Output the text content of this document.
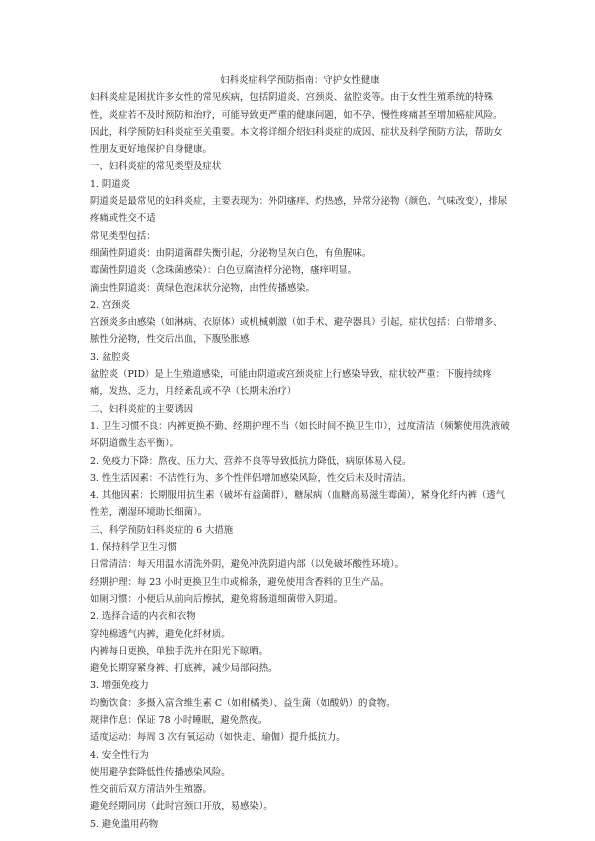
妇科炎症科学预防指南：守护女性健康

妇科炎症是困扰许多女性的常见疾病，包括阴道炎、宫颈炎、盆腔炎等。由于女性生殖系统的特殊性，炎症若不及时预防和治疗，可能导致更严重的健康问题，如不孕、慢性疼痛甚至增加癌症风险。因此，科学预防妇科炎症至关重要。本文将详细介绍妇科炎症的成因、症状及科学预防方法，帮助女性朋友更好地保护自身健康。

一、妇科炎症的常见类型及症状

1. 阴道炎

阴道炎是最常见的妇科炎症，主要表现为：外阴瘙痒、灼热感，异常分泌物（颜色、气味改变），排尿疼痛或性交不适

常见类型包括：

细菌性阴道炎：由阴道菌群失衡引起，分泌物呈灰白色，有鱼腥味。

霉菌性阴道炎（念珠菌感染）：白色豆腐渣样分泌物，瘙痒明显。

滴虫性阴道炎：黄绿色泡沫状分泌物，由性传播感染。

2. 宫颈炎

宫颈炎多由感染（如淋病、衣原体）或机械刺激（如手术、避孕器具）引起，症状包括：白带增多、脓性分泌物，性交后出血，下腹坠胀感

3. 盆腔炎

盆腔炎（PID）是上生殖道感染，可能由阴道或宫颈炎症上行感染导致，症状较严重：下腹持续疼痛，发热、乏力，月经紊乱或不孕（长期未治疗）

二、妇科炎症的主要诱因

1. 卫生习惯不良：内裤更换不勤、经期护理不当（如长时间不换卫生巾），过度清洁（频繁使用洗液破坏阴道微生态平衡）。

2. 免疫力下降：熬夜、压力大、营养不良等导致抵抗力降低，病原体易入侵。

3. 性生活因素：不洁性行为、多个性伴侣增加感染风险，性交后未及时清洁。

4. 其他因素：长期服用抗生素（破坏有益菌群），糖尿病（血糖高易滋生霉菌），紧身化纤内裤（透气性差，潮湿环境助长细菌）。

三、科学预防妇科炎症的 6 大措施

1. 保持科学卫生习惯

日常清洁：每天用温水清洗外阴，避免冲洗阴道内部（以免破坏酸性环境）。

经期护理：每 23 小时更换卫生巾或棉条，避免使用含香料的卫生产品。

如厕习惯：小便后从前向后擦拭，避免将肠道细菌带入阴道。

2. 选择合适的内衣和衣物

穿纯棉透气内裤，避免化纤材质。

内裤每日更换，单独手洗并在阳光下晾晒。

避免长期穿紧身裤、打底裤，减少局部闷热。

3. 增强免疫力

均衡饮食：多摄入富含维生素 C（如柑橘类）、益生菌（如酸奶）的食物。

规律作息：保证 78 小时睡眠，避免熬夜。

适度运动：每周 3 次有氧运动（如快走、瑜伽）提升抵抗力。

4. 安全性行为

使用避孕套降低性传播感染风险。

性交前后双方清洁外生殖器。

避免经期同房（此时宫颈口开放，易感染）。

5. 避免滥用药物
